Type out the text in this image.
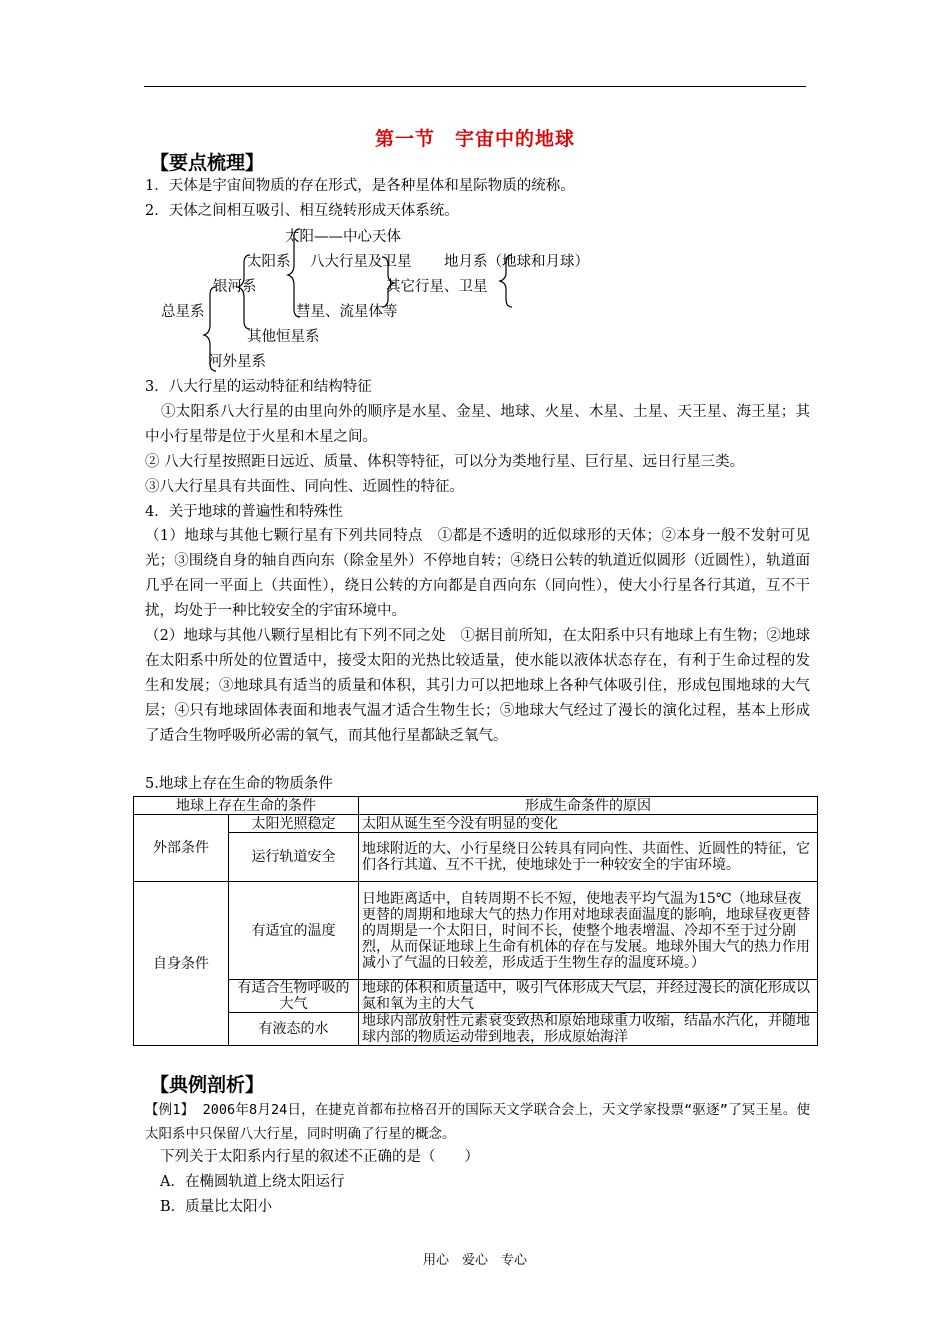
第一节　宇宙中的地球
【要点梳理】
1．天体是宇宙间物质的存在形式，是各种星体和星际物质的统称。
2．天体之间相互吸引、相互绕转形成天体系统。
太阳——中心天体
太阳系 八大行星及卫星 地月系（地球和月球）
银河系	其它行星、卫星
总星系	彗星、流星体等
其他恒星系
河外星系
3．八大行星的运动特征和结构特征
①太阳系八大行星的由里向外的顺序是水星、金星、地球、火星、木星、土星、天王星、海王星；其中小行星带是位于火星和木星之间。
② 八大行星按照距日远近、质量、体积等特征，可以分为类地行星、巨行星、远日行星三类。
③八大行星具有共面性、同向性、近圆性的特征。
4．关于地球的普遍性和特殊性
（1）地球与其他七颗行星有下列共同特点　①都是不透明的近似球形的天体；②本身一般不发射可见光；③围绕自身的轴自西向东（除金星外）不停地自转；④绕日公转的轨道近似圆形（近圆性），轨道面几乎在同一平面上（共面性），绕日公转的方向都是自西向东（同向性），使大小行星各行其道，互不干扰，均处于一种比较安全的宇宙环境中。
（2）地球与其他八颗行星相比有下列不同之处　①据目前所知，在太阳系中只有地球上有生物；②地球在太阳系中所处的位置适中，接受太阳的光热比较适量，使水能以液体状态存在，有利于生命过程的发生和发展；③地球具有适当的质量和体积，其引力可以把地球上各种气体吸引住，形成包围地球的大气层；④只有地球固体表面和地表气温才适合生物生长；⑤地球大气经过了漫长的演化过程，基本上形成了适合生物呼吸所必需的氧气，而其他行星都缺乏氧气。
5.地球上存在生命的物质条件
地球上存在生命的条件		形成生命条件的原因
外部条件	太阳光照稳定	太阳从诞生至今没有明显的变化
	运行轨道安全	地球附近的大、小行星绕日公转具有同向性、共面性、近圆性的特征，它们各行其道、互不干扰，使地球处于一种较安全的宇宙环境。
自身条件	有适宜的温度	日地距离适中，自转周期不长不短，使地表平均气温为15℃（地球昼夜更替的周期和地球大气的热力作用对地球表面温度的影响，地球昼夜更替的周期是一个太阳日，时间不长，使整个地表增温、冷却不至于过分剧烈，从而保证地球上生命有机体的存在与发展。地球外围大气的热力作用减小了气温的日较差，形成适于生物生存的温度环境。）
	有适合生物呼吸的大气	地球的体积和质量适中，吸引气体形成大气层，并经过漫长的演化形成以氮和氧为主的大气
	有液态的水	地球内部放射性元素衰变致热和原始地球重力收缩，结晶水汽化，并随地球内部的物质运动带到地表，形成原始海洋
【典例剖析】
【例1】 2006年8月24日，在捷克首都布拉格召开的国际天文学联合会上，天文学家投票“驱逐”了冥王星。使太阳系中只保留八大行星，同时明确了行星的概念。
下列关于太阳系内行星的叙述不正确的是（　　）
A．在椭圆轨道上绕太阳运行
B．质量比太阳小
用心　爱心　专心
